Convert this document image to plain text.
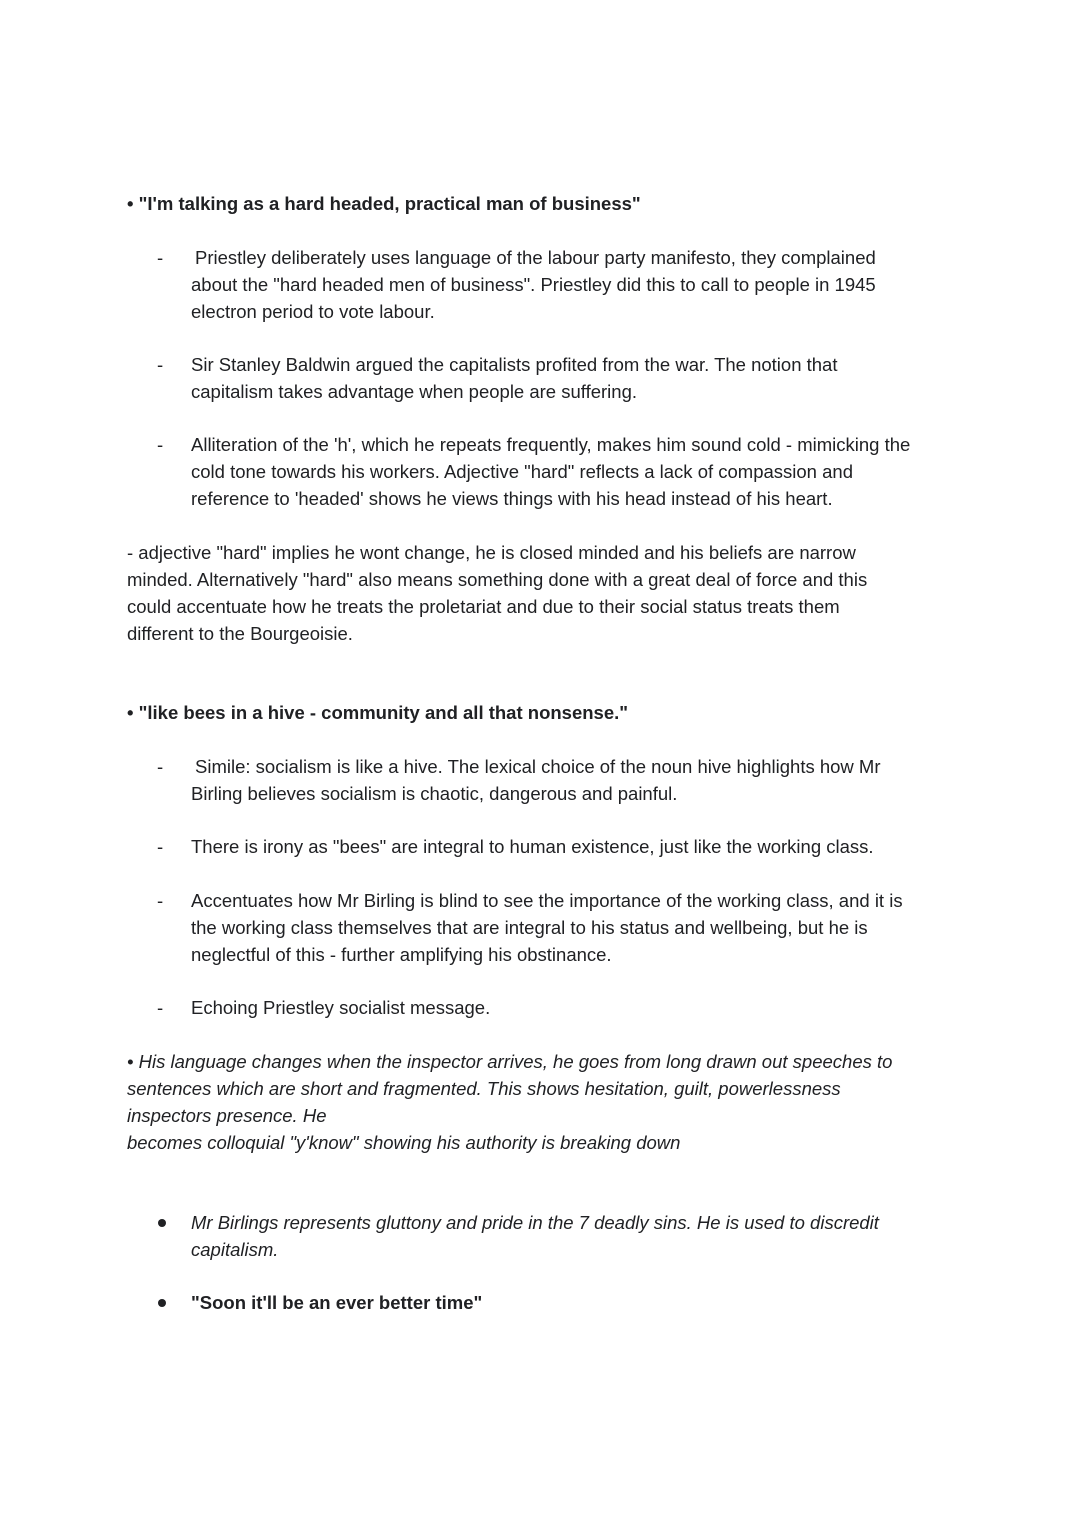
• "I'm talking as a hard headed, practical man of business"
- Priestley deliberately uses language of the labour party manifesto, they complained
about the "hard headed men of business". Priestley did this to call to people in 1945
electron period to vote labour.
- Sir Stanley Baldwin argued the capitalists profited from the war. The notion that
capitalism takes advantage when people are suffering.
- Alliteration of the 'h', which he repeats frequently, makes him sound cold - mimicking the
cold tone towards his workers. Adjective "hard" reflects a lack of compassion and
reference to 'headed' shows he views things with his head instead of his heart.
- adjective "hard" implies he wont change, he is closed minded and his beliefs are narrow
minded. Alternatively "hard" also means something done with a great deal of force and this
could accentuate how he treats the proletariat and due to their social status treats them
different to the Bourgeoisie.
• "like bees in a hive - community and all that nonsense."
- Simile: socialism is like a hive. The lexical choice of the noun hive highlights how Mr
Birling believes socialism is chaotic, dangerous and painful.
- There is irony as "bees" are integral to human existence, just like the working class.
- Accentuates how Mr Birling is blind to see the importance of the working class, and it is
the working class themselves that are integral to his status and wellbeing, but he is
neglectful of this - further amplifying his obstinance.
- Echoing Priestley socialist message.
• His language changes when the inspector arrives, he goes from long drawn out speeches to
sentences which are short and fragmented. This shows hesitation, guilt, powerlessness
inspectors presence. He
becomes colloquial "y'know" showing his authority is breaking down
Mr Birlings represents gluttony and pride in the 7 deadly sins. He is used to discredit
capitalism.
"Soon it'll be an ever better time"
